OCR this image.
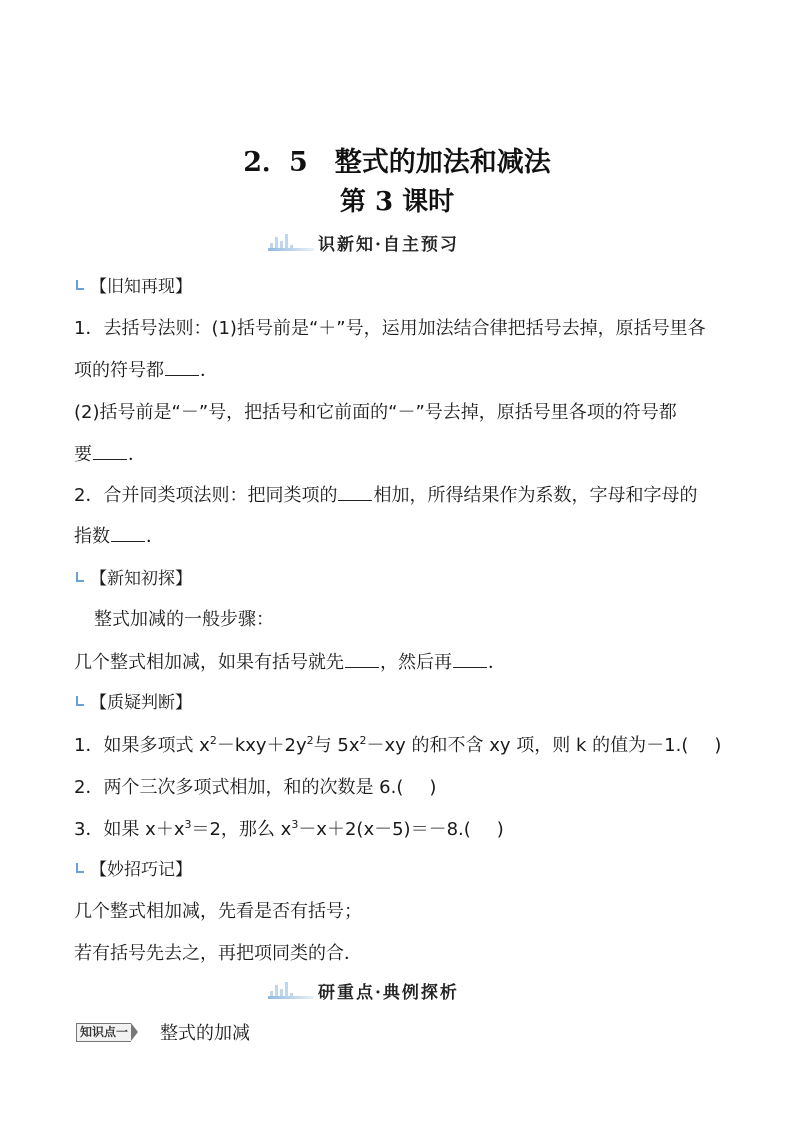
2．5　整式的加法和减法
第 3 课时
识新知·自主预习
【旧知再现】
1．去括号法则：(1)括号前是“＋”号，运用加法结合律把括号去掉，原括号里各
项的符号都 ．
(2)括号前是“－”号，把括号和它前面的“－”号去掉，原括号里各项的符号都
要 ．
2．合并同类项法则：把同类项的 相加，所得结果作为系数，字母和字母的
指数 ．
【新知初探】
整式加减的一般步骤：
几个整式相加减，如果有括号就先 ，然后再 ．
【质疑判断】
1．如果多项式 $x^2-kxy+2y^2$与 $5x^2-xy$ 的和不含 xy 项，则 k 的值为－1.( )
2．两个三次多项式相加，和的次数是 6.( )
3．如果 $x+x^3=2$，那么 $x^3-x+2(x-5)=-8$.( )
【妙招巧记】
几个整式相加减，先看是否有括号；
若有括号先去之，再把项同类的合．
研重点·典例探析
知识点一 整式的加减
